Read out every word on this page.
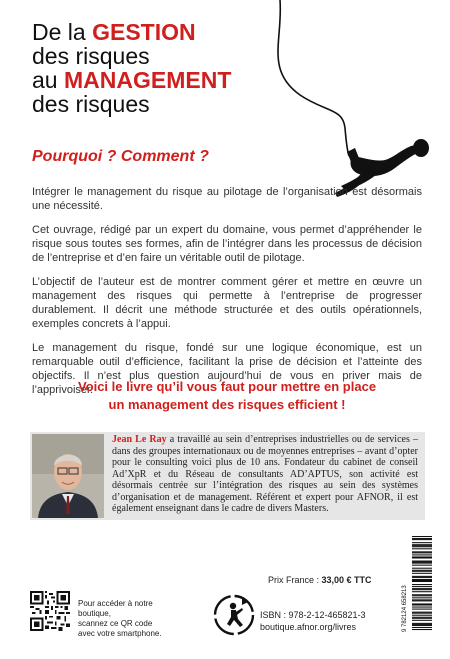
De la GESTION
des risques
au MANAGEMENT
des risques
Pourquoi ? Comment ?

Intégrer le management du risque au pilotage de l’organisation est désormais une nécessité.

Cet ouvrage, rédigé par un expert du domaine, vous permet d’appréhender le risque sous toutes ses formes, afin de l’intégrer dans les processus de décision de l’entreprise et d’en faire un véritable outil de pilotage.

L’objectif de l’auteur est de montrer comment gérer et mettre en œuvre un management des risques qui permette à l’entreprise de progresser durablement. Il décrit une méthode structurée et des outils opérationnels, exemples concrets à l’appui.

Le management du risque, fondé sur une logique économique, est un remarquable outil d’efficience, facilitant la prise de décision et l’atteinte des objectifs. Il n’est plus question aujourd’hui de vous en priver mais de l’apprivoiser.

Voici le livre qu’il vous faut pour mettre en place
un management des risques efficient !
Jean Le Ray a travaillé au sein d’entreprises industrielles ou de services – dans des groupes internationaux ou de moyennes entreprises – avant d’opter pour le consulting voici plus de 10 ans. Fondateur du cabinet de conseil Ad’XpR et du Réseau de consultants AD’APTUS, son activité est désormais centrée sur l’intégration des risques au sein des systèmes d’organisation et de management. Référent et expert pour AFNOR, il est également enseignant dans le cadre de divers Masters.
Prix France : 33,00 € TTC
Pour accéder à notre boutique,
scannez ce QR code
avec votre smartphone.
ISBN : 978-2-12-465821-3
boutique.afnor.org/livres	9 782124 658213
